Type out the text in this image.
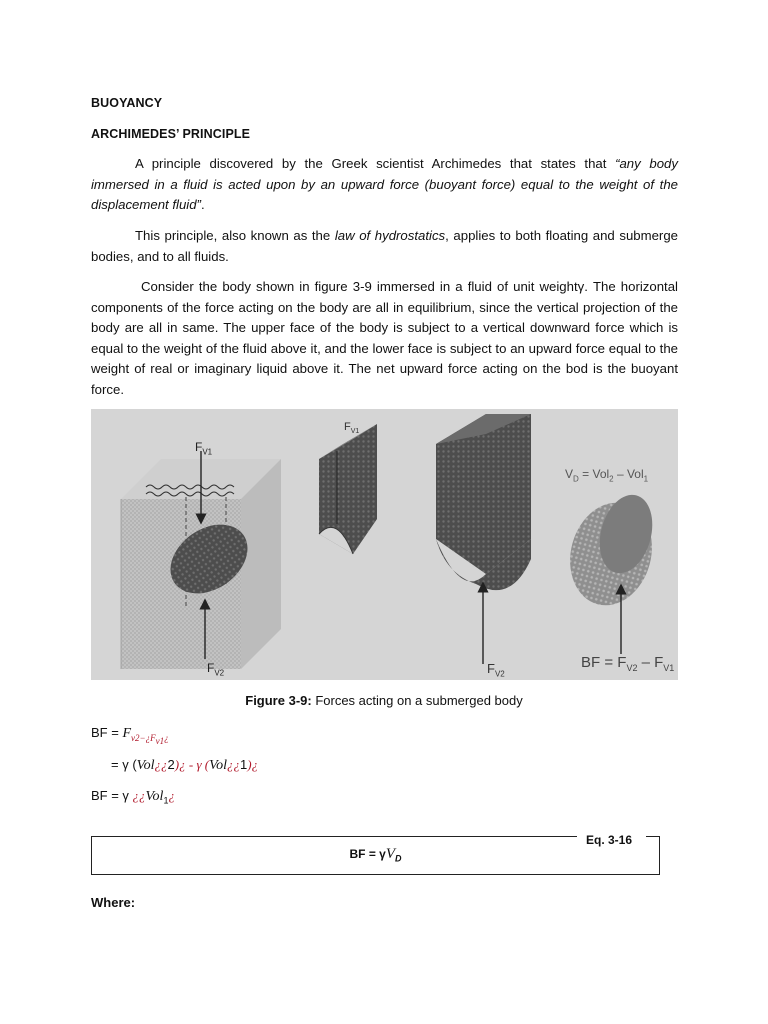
BUOYANCY
ARCHIMEDES’ PRINCIPLE
A principle discovered by the Greek scientist Archimedes that states that “any body immersed in a fluid is acted upon by an upward force (buoyant force) equal to the weight of the displacement fluid”.
This principle, also known as the law of hydrostatics, applies to both floating and submerge bodies, and to all fluids.
Consider the body shown in figure 3-9 immersed in a fluid of unit weightγ. The horizontal components of the force acting on the body are all in equilibrium, since the vertical projection of the body are all in same. The upper face of the body is subject to a vertical downward force which is equal to the weight of the fluid above it, and the lower face is subject to an upward force equal to the weight of real or imaginary liquid above it. The net upward force acting on the bod is the buoyant force.
$F_{V1}$
$F_{V2}$
$F_{V1}$
$F_{V2}$
$V_D = Vol_2 - Vol_1$
BF = $F_{V2} - F_{V1}$
Figure 3-9: Forces acting on a submerged body
BF = $F_{v2-¿F_{v1}¿}$
= γ (Vol¿¿2)¿ - γ (Vol¿¿1)¿
BF = γ ¿¿Vol$_1$¿
BF = $\gamma V_D$
Eq. 3-16
Where:
